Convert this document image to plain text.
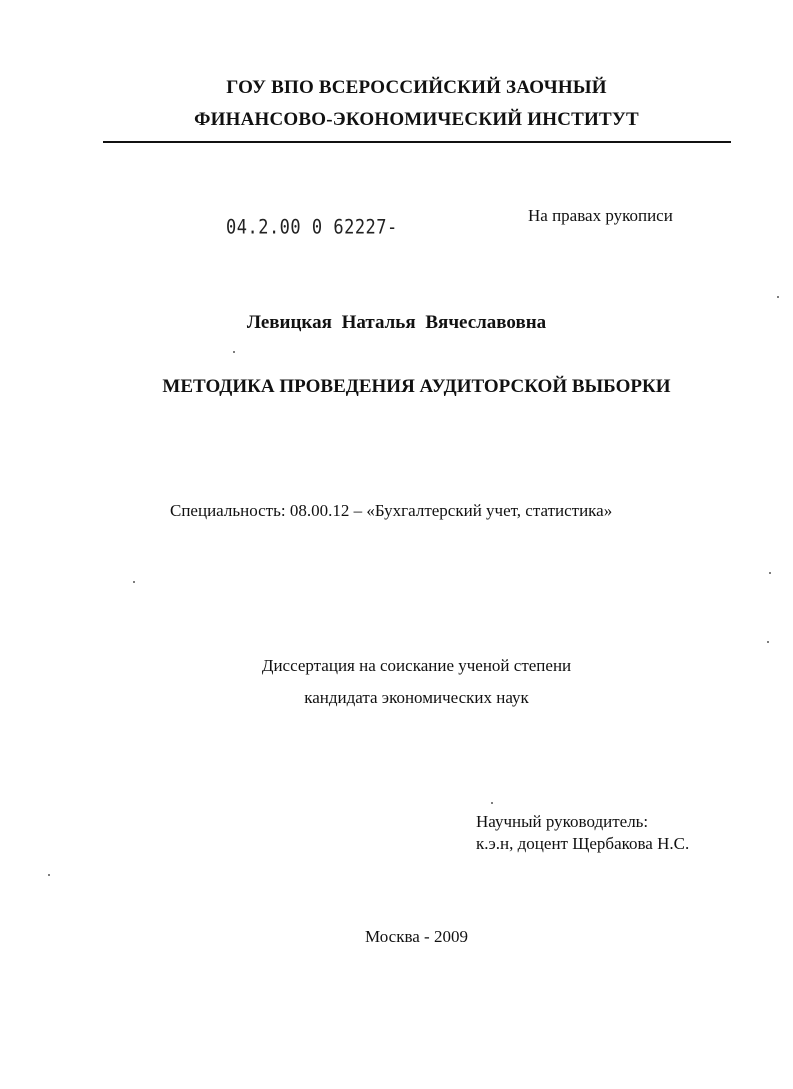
ГОУ ВПО ВСЕРОССИЙСКИЙ ЗАОЧНЫЙ
ФИНАНСОВО-ЭКОНОМИЧЕСКИЙ ИНСТИТУТ
04.2.00 0 62227-
На правах рукописи
Левицкая Наталья Вячеславовна
МЕТОДИКА ПРОВЕДЕНИЯ АУДИТОРСКОЙ ВЫБОРКИ
Специальность: 08.00.12 – «Бухгалтерский учет, статистика»
Диссертация на соискание ученой степени
кандидата экономических наук
Научный руководитель:
к.э.н, доцент Щербакова Н.С.
Москва - 2009
